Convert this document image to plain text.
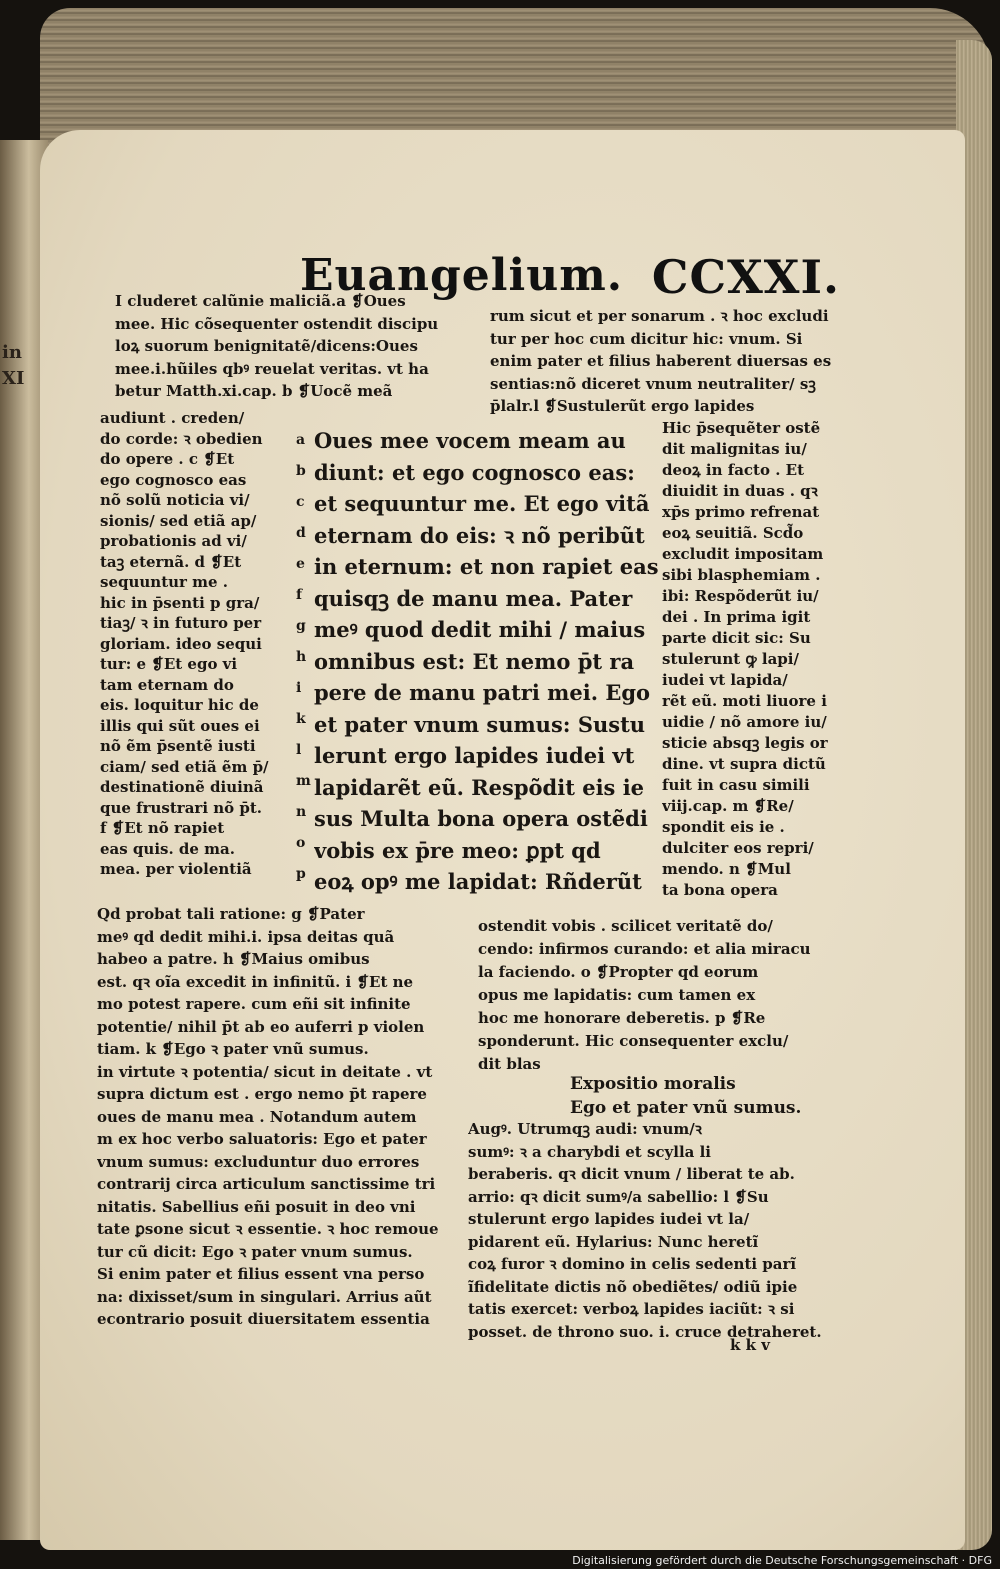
in XI
Euangelium. CCXXI.
I cluderet calũnie maliciã.a ❡Oues
mee. Hic cõsequenter ostendit discipu
loꝝ suorum benignitatẽ/dicens:Oues
mee.i.hũiles qbꝰ reuelat veritas. vt ha
betur Matth.xi.cap. b ❡Uocẽ meã
rum sicut et per sonarum . ꝛ hoc excludi
tur per hoc cum dicitur hic: vnum. Si
enim pater et filius haberent diuersas es
sentias:nõ diceret vnum neutraliter/ sꝫ
p̄lalr.l ❡Sustulerũt ergo lapides
audiunt . creden/
do corde: ꝛ obedien
do opere . c ❡Et
ego cognosco eas
nõ solũ noticia vi/
sionis/ sed etiã ap/
probationis ad vi/
taꝫ eternã. d ❡Et
sequuntur me .
hic in p̄senti p gra/
tiaꝫ/ ꝛ in futuro per
gloriam. ideo sequi
tur: e ❡Et ego vi
tam eternam do
eis. loquitur hic de
illis qui sũt oues ei
nõ ẽm p̄sentẽ iusti
ciam/ sed etiã ẽm p̄/
destinationẽ diuinã
que frustrari nõ p̄t.
f ❡Et nõ rapiet
eas quis. de ma.
mea. per violentiã
Hic p̄sequẽter ostẽ
dit malignitas iu/
deoꝝ in facto . Et
diuidit in duas . qꝛ
xp̄s primo refrenat
eoꝝ seuitiã. Scd̃o
excludit impositam
sibi blasphemiam .
ibi: Respõderũt iu/
dei . In prima igit
parte dicit sic: Su
stulerunt ꝙ lapi/
iudei vt lapida/
rẽt eũ. moti liuore i
uidie / nõ amore iu/
sticie absqꝫ legis or
dine. vt supra dictũ
fuit in casu simili
viij.cap. m ❡Re/
spondit eis ie .
dulciter eos repri/
mendo. n ❡Mul
ta bona opera
a
b
c
d
e
f
g
h
i
k
l
m
n
o
p
Oues mee vocem meam au
diunt: et ego cognosco eas:
et sequuntur me. Et ego vitã
eternam do eis: ꝛ nõ peribũt
in eternum: et non rapiet eas
quisqꝫ de manu mea. Pater
meꝰ quod dedit mihi / maius
omnibus est: Et nemo p̄t ra
pere de manu patri mei. Ego
et pater vnum sumus: Sustu
lerunt ergo lapides iudei vt
lapidarẽt eũ. Respõdit eis ie
sus Multa bona opera ostẽdi
vobis ex p̄re meo: ꝑpt qd
eoꝝ opꝰ me lapidat: Rñderũt
Qd probat tali ratione: g ❡Pater
meꝰ qd dedit mihi.i. ipsa deitas quã
habeo a patre. h ❡Maius omibus
est. qꝛ oĩa excedit in infinitũ. i ❡Et ne
mo potest rapere. cum eñi sit infinite
potentie/ nihil p̄t ab eo auferri p violen
tiam. k ❡Ego ꝛ pater vnũ sumus.
in virtute ꝛ potentia/ sicut in deitate . vt
supra dictum est . ergo nemo p̄t rapere
oues de manu mea . Notandum autem
m ex hoc verbo saluatoris: Ego et pater
vnum sumus: excluduntur duo errores
contrarij circa articulum sanctissime tri
nitatis. Sabellius eñi posuit in deo vni
tate ꝑsone sicut ꝛ essentie. ꝛ hoc remoue
tur cũ dicit: Ego ꝛ pater vnum sumus.
Si enim pater et filius essent vna perso
na: dixisset/sum in singulari. Arrius aũt
econtrario posuit diuersitatem essentia
ostendit vobis . scilicet veritatẽ do/
cendo: infirmos curando: et alia miracu
la faciendo. o ❡Propter qd eorum
opus me lapidatis: cum tamen ex
hoc me honorare deberetis. p ❡Re
sponderunt. Hic consequenter exclu/
dit blas
Expositio moralis
Ego et pater vnũ sumus.
Augꝰ. Utrumqꝫ audi: vnum/ꝛ
sumꝰ: ꝛ a charybdi et scylla li
beraberis. qꝛ dicit vnum / liberat te ab.
arrio: qꝛ dicit sumꝰ/a sabellio: l ❡Su
stulerunt ergo lapides iudei vt la/
pidarent eũ. Hylarius: Nunc heretĩ
coꝝ furor ꝛ domino in celis sedenti parĩ
ĩfidelitate dictis nõ obediẽtes/ odiũ ipie
tatis exercet: verboꝝ lapides iaciũt: ꝛ si
posset. de throno suo. i. cruce detraheret.
k k v
Digitalisierung gefördert durch die Deutsche Forschungsgemeinschaft · DFG
